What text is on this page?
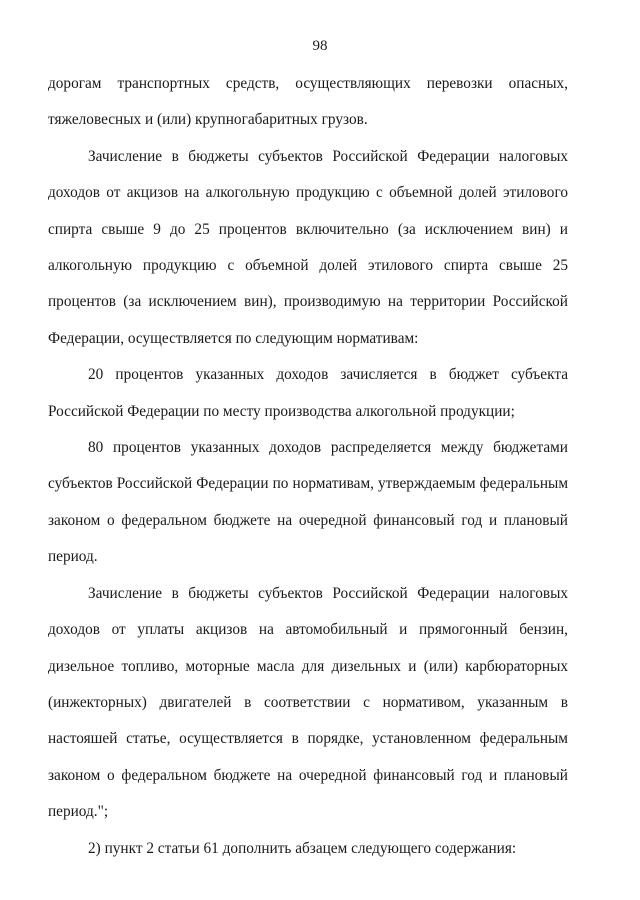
98

дорогам транспортных средств, осуществляющих перевозки опасных, тяжеловесных и (или) крупногабаритных грузов.

Зачисление в бюджеты субъектов Российской Федерации налоговых доходов от акцизов на алкогольную продукцию с объемной долей этилового спирта свыше 9 до 25 процентов включительно (за исключением вин) и алкогольную продукцию с объемной долей этилового спирта свыше 25 процентов (за исключением вин), производимую на территории Российской Федерации, осуществляется по следующим нормативам:

20 процентов указанных доходов зачисляется в бюджет субъекта Российской Федерации по месту производства алкогольной продукции;

80 процентов указанных доходов распределяется между бюджетами субъектов Российской Федерации по нормативам, утверждаемым федеральным законом о федеральном бюджете на очередной финансовый год и плановый период.

Зачисление в бюджеты субъектов Российской Федерации налоговых доходов от уплаты акцизов на автомобильный и прямогонный бензин, дизельное топливо, моторные масла для дизельных и (или) карбюраторных (инжекторных) двигателей в соответствии с нормативом, указанным в настояшей статье, осуществляется в порядке, установленном федеральным законом о федеральном бюджете на очередной финансовый год и плановый период.";

2) пункт 2 статьи 61 дополнить абзацем следующего содержания:
